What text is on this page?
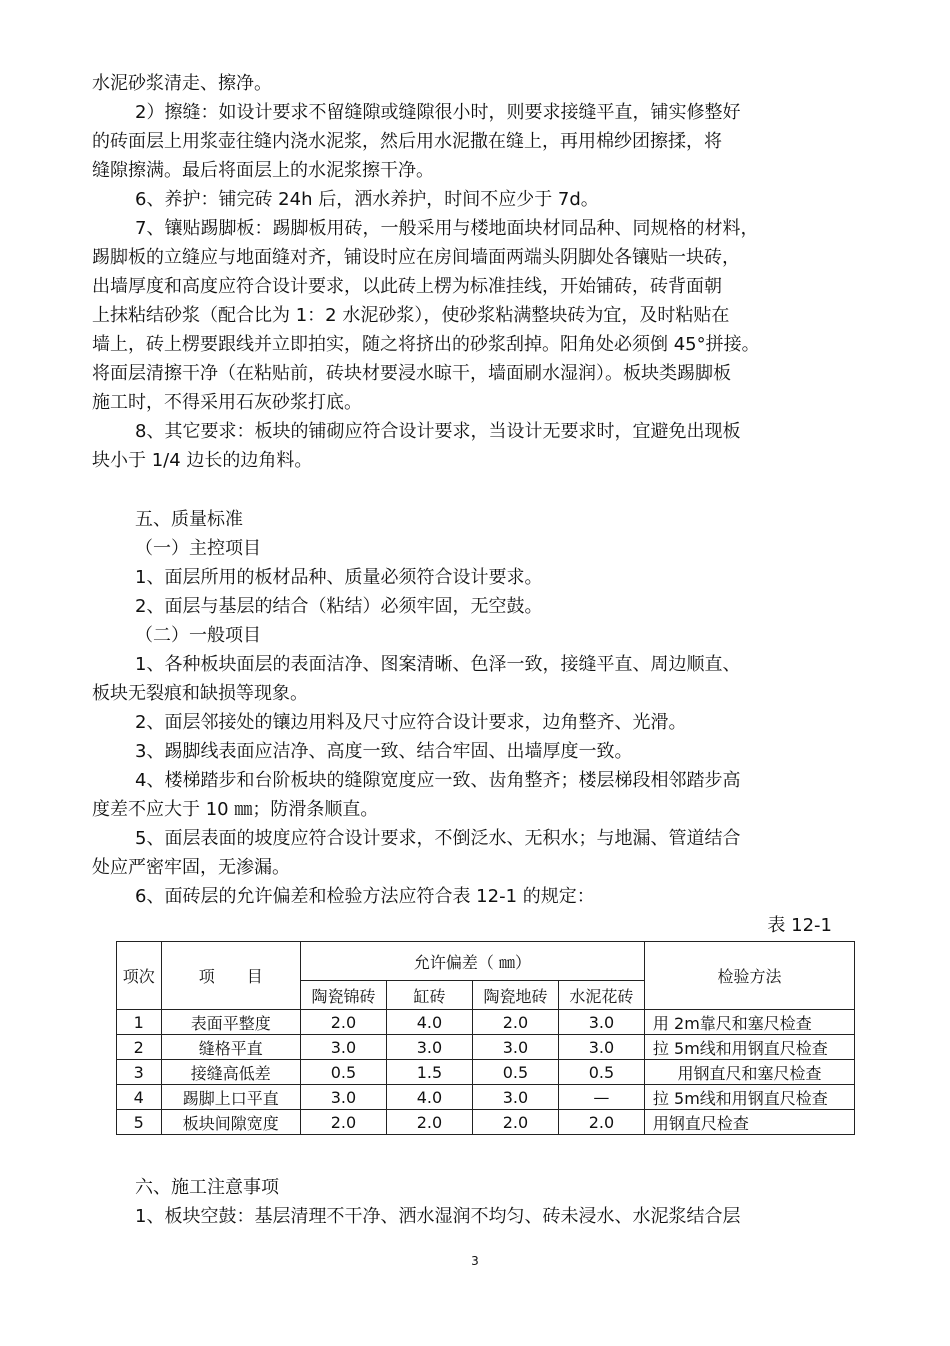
水泥砂浆清走、擦净。
2）擦缝：如设计要求不留缝隙或缝隙很小时，则要求接缝平直，铺实修整好
的砖面层上用浆壶往缝内浇水泥浆，然后用水泥撒在缝上，再用棉纱团擦揉，将
缝隙擦满。最后将面层上的水泥浆擦干净。
6、养护：铺完砖 24h 后，洒水养护，时间不应少于 7d。
7、镶贴踢脚板：踢脚板用砖，一般采用与楼地面块材同品种、同规格的材料，
踢脚板的立缝应与地面缝对齐，铺设时应在房间墙面两端头阴脚处各镶贴一块砖，
出墙厚度和高度应符合设计要求，以此砖上楞为标准挂线，开始铺砖，砖背面朝
上抹粘结砂浆（配合比为 1：2 水泥砂浆），使砂浆粘满整块砖为宜，及时粘贴在
墙上，砖上楞要跟线并立即拍实，随之将挤出的砂浆刮掉。阳角处必须倒 45°拼接。
将面层清擦干净（在粘贴前，砖块材要浸水晾干，墙面刷水湿润）。板块类踢脚板
施工时，不得采用石灰砂浆打底。
8、其它要求：板块的铺砌应符合设计要求，当设计无要求时，宜避免出现板
块小于 1/4 边长的边角料。
五、质量标准
（一）主控项目
1、面层所用的板材品种、质量必须符合设计要求。
2、面层与基层的结合（粘结）必须牢固，无空鼓。
（二）一般项目
1、各种板块面层的表面洁净、图案清晰、色泽一致，接缝平直、周边顺直、
板块无裂痕和缺损等现象。
2、面层邻接处的镶边用料及尺寸应符合设计要求，边角整齐、光滑。
3、踢脚线表面应洁净、高度一致、结合牢固、出墙厚度一致。
4、楼梯踏步和台阶板块的缝隙宽度应一致、齿角整齐；楼层梯段相邻踏步高
度差不应大于 10 ㎜；防滑条顺直。
5、面层表面的坡度应符合设计要求，不倒泛水、无积水；与地漏、管道结合
处应严密牢固，无渗漏。
6、面砖层的允许偏差和检验方法应符合表 12-1 的规定：
表 12-1
项次	项　　目	允许偏差（ ㎜）				检验方法
		陶瓷锦砖	缸砖	陶瓷地砖	水泥花砖	
1	表面平整度	2.0	4.0	2.0	3.0	用 2m靠尺和塞尺检查
2	缝格平直	3.0	3.0	3.0	3.0	拉 5m线和用钢直尺检查
3	接缝高低差	0.5	1.5	0.5	0.5	用钢直尺和塞尺检查
4	踢脚上口平直	3.0	4.0	3.0	—	拉 5m线和用钢直尺检查
5	板块间隙宽度	2.0	2.0	2.0	2.0	用钢直尺检查
六、施工注意事项
1、板块空鼓：基层清理不干净、洒水湿润不均匀、砖未浸水、水泥浆结合层
3
